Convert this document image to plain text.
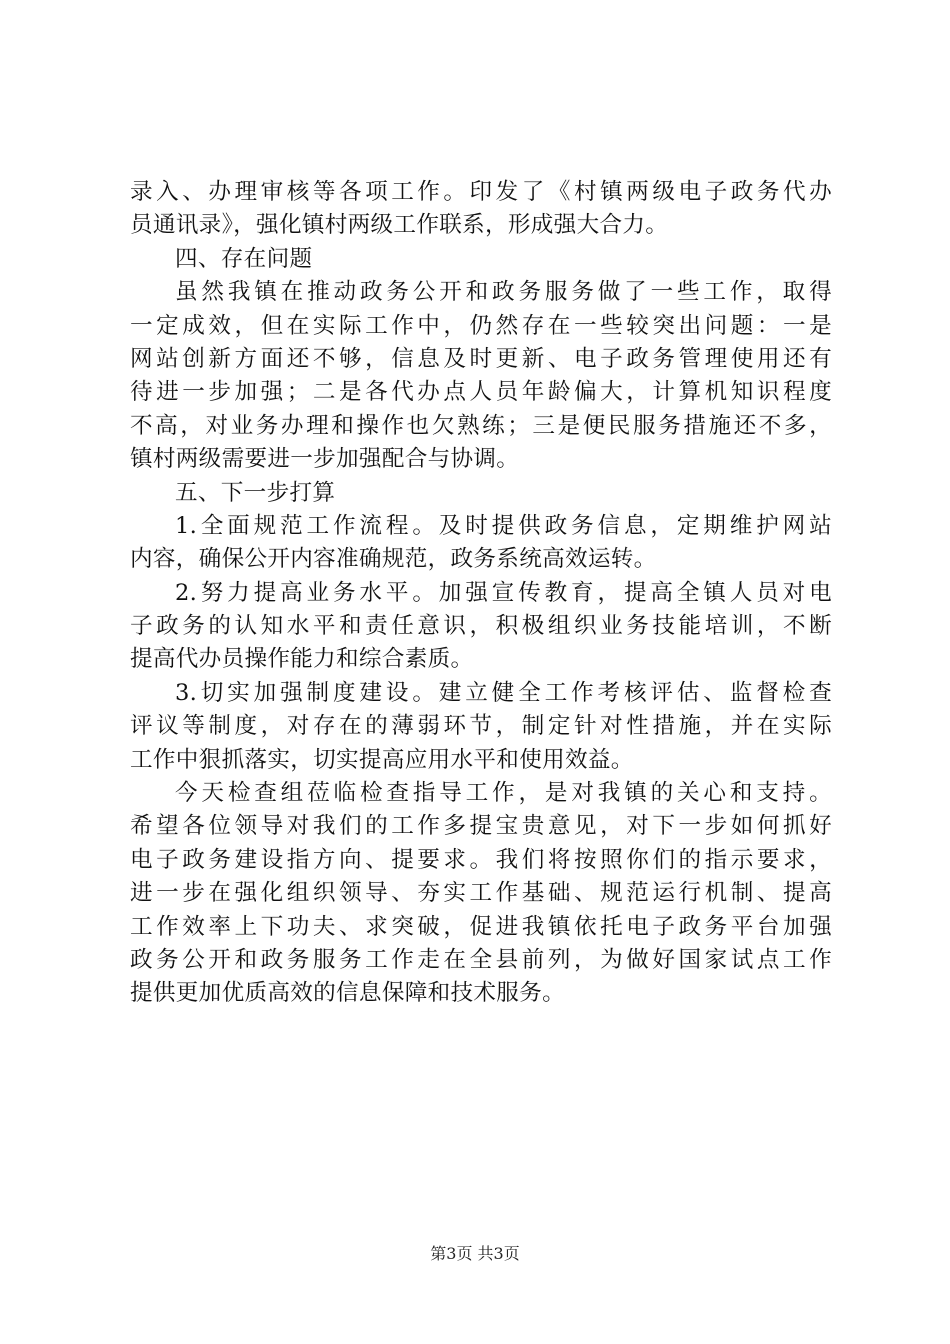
录入、办理审核等各项工作。印发了《村镇两级电子政务代办
员通讯录》，强化镇村两级工作联系，形成强大合力。
四、存在问题
虽然我镇在推动政务公开和政务服务做了一些工作，取得
一定成效，但在实际工作中，仍然存在一些较突出问题：一是
网站创新方面还不够，信息及时更新、电子政务管理使用还有
待进一步加强；二是各代办点人员年龄偏大，计算机知识程度
不高，对业务办理和操作也欠熟练；三是便民服务措施还不多，
镇村两级需要进一步加强配合与协调。
五、下一步打算
1.全面规范工作流程。及时提供政务信息，定期维护网站
内容，确保公开内容准确规范，政务系统高效运转。
2.努力提高业务水平。加强宣传教育，提高全镇人员对电
子政务的认知水平和责任意识，积极组织业务技能培训，不断
提高代办员操作能力和综合素质。
3.切实加强制度建设。建立健全工作考核评估、监督检查
评议等制度，对存在的薄弱环节，制定针对性措施，并在实际
工作中狠抓落实，切实提高应用水平和使用效益。
今天检查组莅临检查指导工作，是对我镇的关心和支持。
希望各位领导对我们的工作多提宝贵意见，对下一步如何抓好
电子政务建设指方向、提要求。我们将按照你们的指示要求，
进一步在强化组织领导、夯实工作基础、规范运行机制、提高
工作效率上下功夫、求突破，促进我镇依托电子政务平台加强
政务公开和政务服务工作走在全县前列，为做好国家试点工作
提供更加优质高效的信息保障和技术服务。
第3页 共3页
